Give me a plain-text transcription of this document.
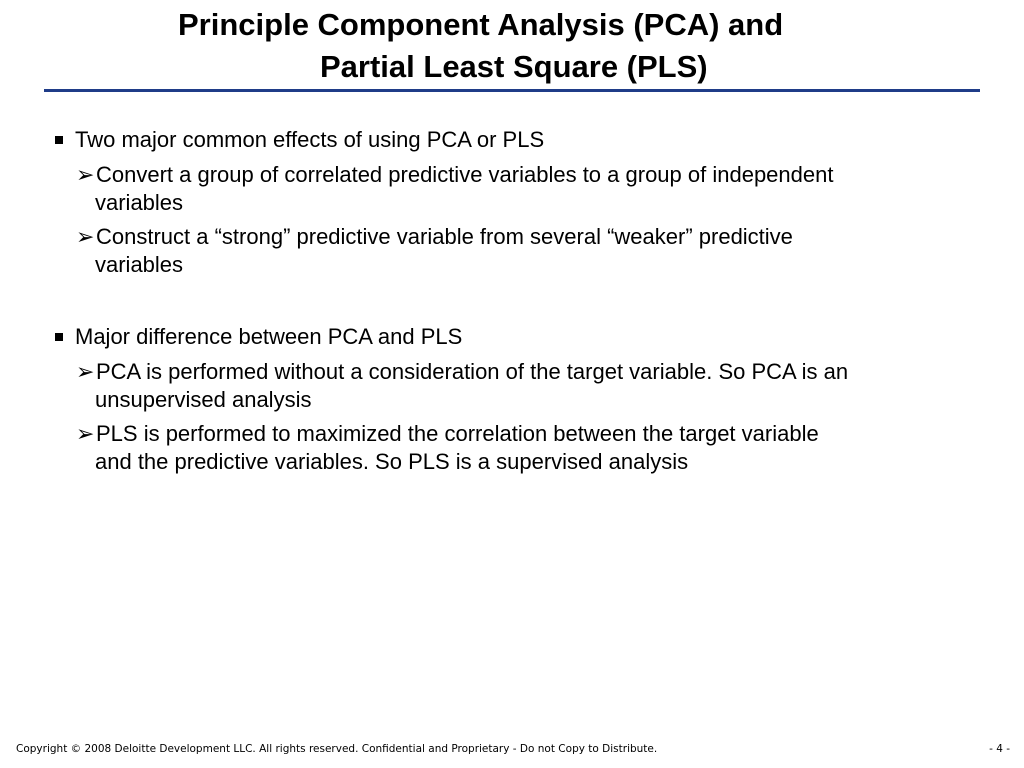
Principle Component Analysis (PCA) and
Partial Least Square (PLS)
Two major common effects of using PCA or PLS
➢Convert a group of correlated predictive variables to a group of independent
variables
➢Construct a “strong” predictive variable from several “weaker” predictive
variables
Major difference between PCA and PLS
➢PCA is performed without a consideration of the target variable. So PCA is an
unsupervised analysis
➢PLS is performed to maximized the correlation between the target variable
and the predictive variables. So PLS is a supervised analysis
Copyright © 2008 Deloitte Development LLC. All rights reserved. Confidential and Proprietary - Do not Copy to Distribute.	- 4 -
